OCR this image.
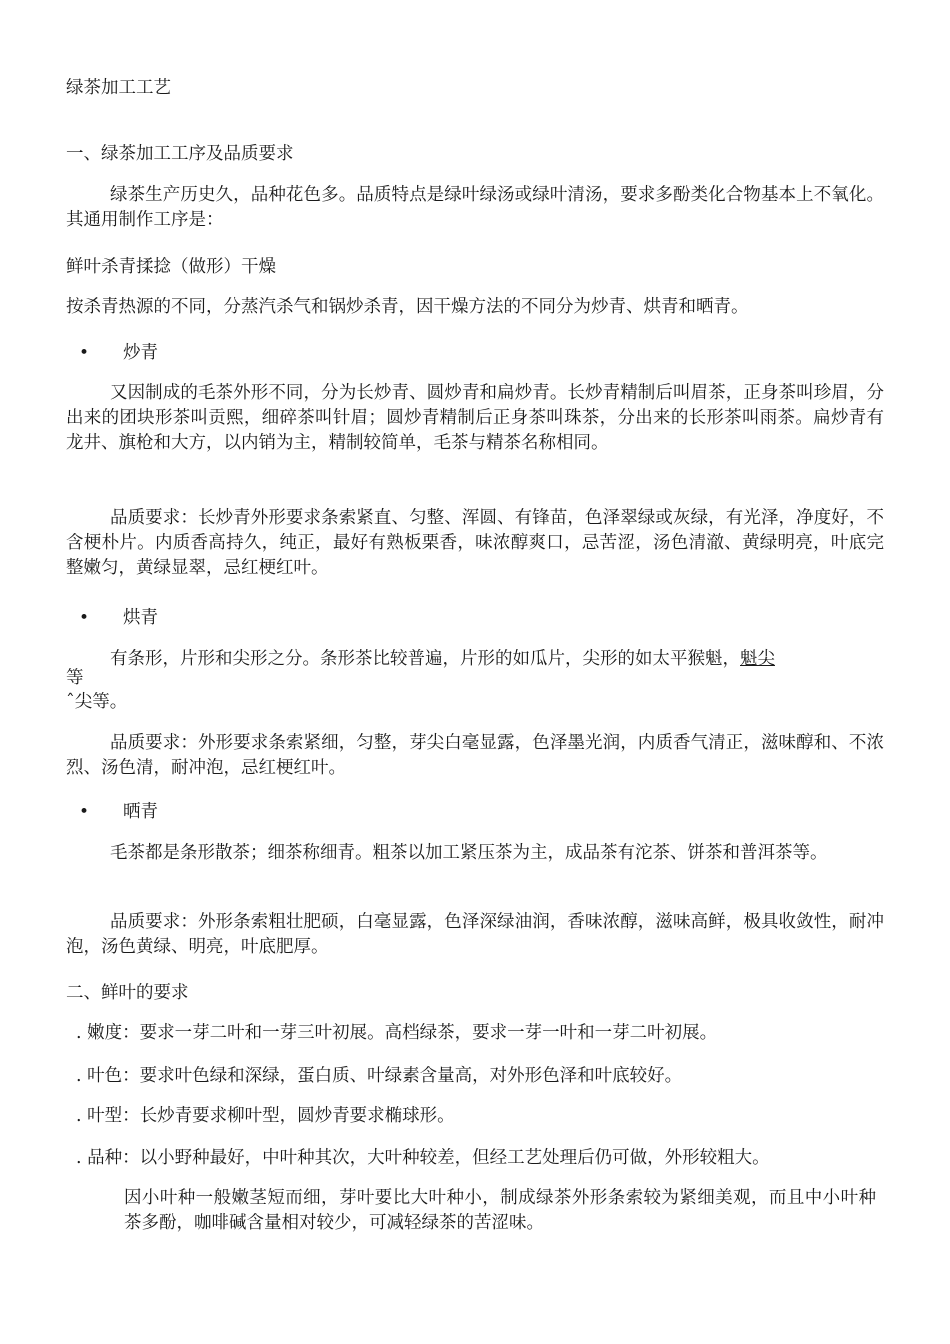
绿茶加工工艺
一、绿茶加工工序及品质要求
绿茶生产历史久，品种花色多。品质特点是绿叶绿汤或绿叶清汤，要求多酚类化合物基本上不氧化。其通用制作工序是：
鲜叶杀青揉捻（做形）干燥
按杀青热源的不同，分蒸汽杀气和锅炒杀青，因干燥方法的不同分为炒青、烘青和晒青。
• 炒青
又因制成的毛茶外形不同，分为长炒青、圆炒青和扁炒青。长炒青精制后叫眉茶，正身茶叫珍眉，分出来的团块形茶叫贡熙，细碎茶叫针眉；圆炒青精制后正身茶叫珠茶，分出来的长形茶叫雨茶。扁炒青有龙井、旗枪和大方，以内销为主，精制较简单，毛茶与精茶名称相同。
品质要求：长炒青外形要求条索紧直、匀整、浑圆、有锋苗，色泽翠绿或灰绿，有光泽，净度好，不含梗朴片。内质香高持久，纯正，最好有熟板栗香，味浓醇爽口，忌苦涩，汤色清澈、黄绿明亮，叶底完整嫩匀，黄绿显翠，忌红梗红叶。
• 烘青
有条形，片形和尖形之分。条形茶比较普遍，片形的如瓜片，尖形的如太平猴魁，魁尖
等
ˆ尖等。
品质要求：外形要求条索紧细，匀整，芽尖白毫显露，色泽墨光润，内质香气清正，滋味醇和、不浓烈、汤色清，耐冲泡，忌红梗红叶。
• 晒青
毛茶都是条形散茶；细茶称细青。粗茶以加工紧压茶为主，成品茶有沱茶、饼茶和普洱茶等。
品质要求：外形条索粗壮肥硕，白毫显露，色泽深绿油润，香味浓醇，滋味高鲜，极具收敛性，耐冲泡，汤色黄绿、明亮，叶底肥厚。
二、鲜叶的要求
. 嫩度：要求一芽二叶和一芽三叶初展。高档绿茶，要求一芽一叶和一芽二叶初展。
. 叶色：要求叶色绿和深绿，蛋白质、叶绿素含量高，对外形色泽和叶底较好。
. 叶型：长炒青要求柳叶型，圆炒青要求椭球形。
. 品种：以小野种最好，中叶种其次，大叶种较差，但经工艺处理后仍可做，外形较粗大。
因小叶种一般嫩茎短而细，芽叶要比大叶种小，制成绿茶外形条索较为紧细美观，而且中小叶种茶多酚，咖啡碱含量相对较少，可减轻绿茶的苦涩味。
